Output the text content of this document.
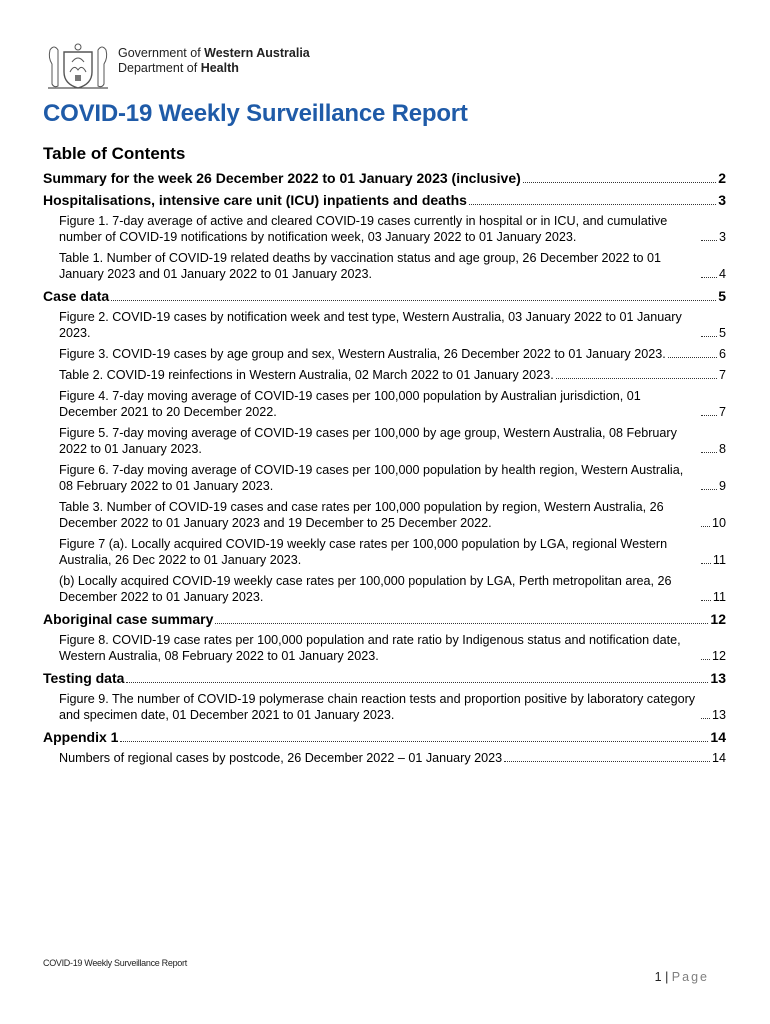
Government of Western Australia
Department of Health
COVID-19 Weekly Surveillance Report
Table of Contents
Summary for the week 26 December 2022 to 01 January 2023 (inclusive)	2
Hospitalisations, intensive care unit (ICU) inpatients and deaths	3
Figure 1. 7-day average of active and cleared COVID-19 cases currently in hospital or in ICU, and cumulative number of COVID-19 notifications by notification week, 03 January 2022 to 01 January 2023.	3
Table 1. Number of COVID-19 related deaths by vaccination status and age group, 26 December 2022 to 01 January 2023 and 01 January 2022 to 01 January 2023.	4
Case data	5
Figure 2. COVID-19 cases by notification week and test type, Western Australia, 03 January 2022 to 01 January 2023.	5
Figure 3. COVID-19 cases by age group and sex, Western Australia, 26 December 2022 to 01 January 2023.	6
Table 2. COVID-19 reinfections in Western Australia, 02 March 2022 to 01 January 2023.	7
Figure 4. 7-day moving average of COVID-19 cases per 100,000 population by Australian jurisdiction, 01 December 2021 to 20 December 2022.	7
Figure 5. 7-day moving average of COVID-19 cases per 100,000 by age group, Western Australia, 08 February 2022 to 01 January 2023.	8
Figure 6. 7-day moving average of COVID-19 cases per 100,000 population by health region, Western Australia, 08 February 2022 to 01 January 2023.	9
Table 3. Number of COVID-19 cases and case rates per 100,000 population by region, Western Australia, 26 December 2022 to 01 January 2023 and 19 December to 25 December 2022.	10
Figure 7 (a). Locally acquired COVID-19 weekly case rates per 100,000 population by LGA, regional Western Australia, 26 Dec 2022 to 01 January 2023.	11
(b) Locally acquired COVID-19 weekly case rates per 100,000 population by LGA, Perth metropolitan area, 26 December 2022 to 01 January 2023.	11
Aboriginal case summary	12
Figure 8. COVID-19 case rates per 100,000 population and rate ratio by Indigenous status and notification date, Western Australia, 08 February 2022 to 01 January 2023.	12
Testing data	13
Figure 9. The number of COVID-19 polymerase chain reaction tests and proportion positive by laboratory category and specimen date, 01 December 2021 to 01 January 2023.	13
Appendix 1	14
Numbers of regional cases by postcode, 26 December 2022 – 01 January 2023	14
COVID-19 Weekly Surveillance Report
1 | Page
